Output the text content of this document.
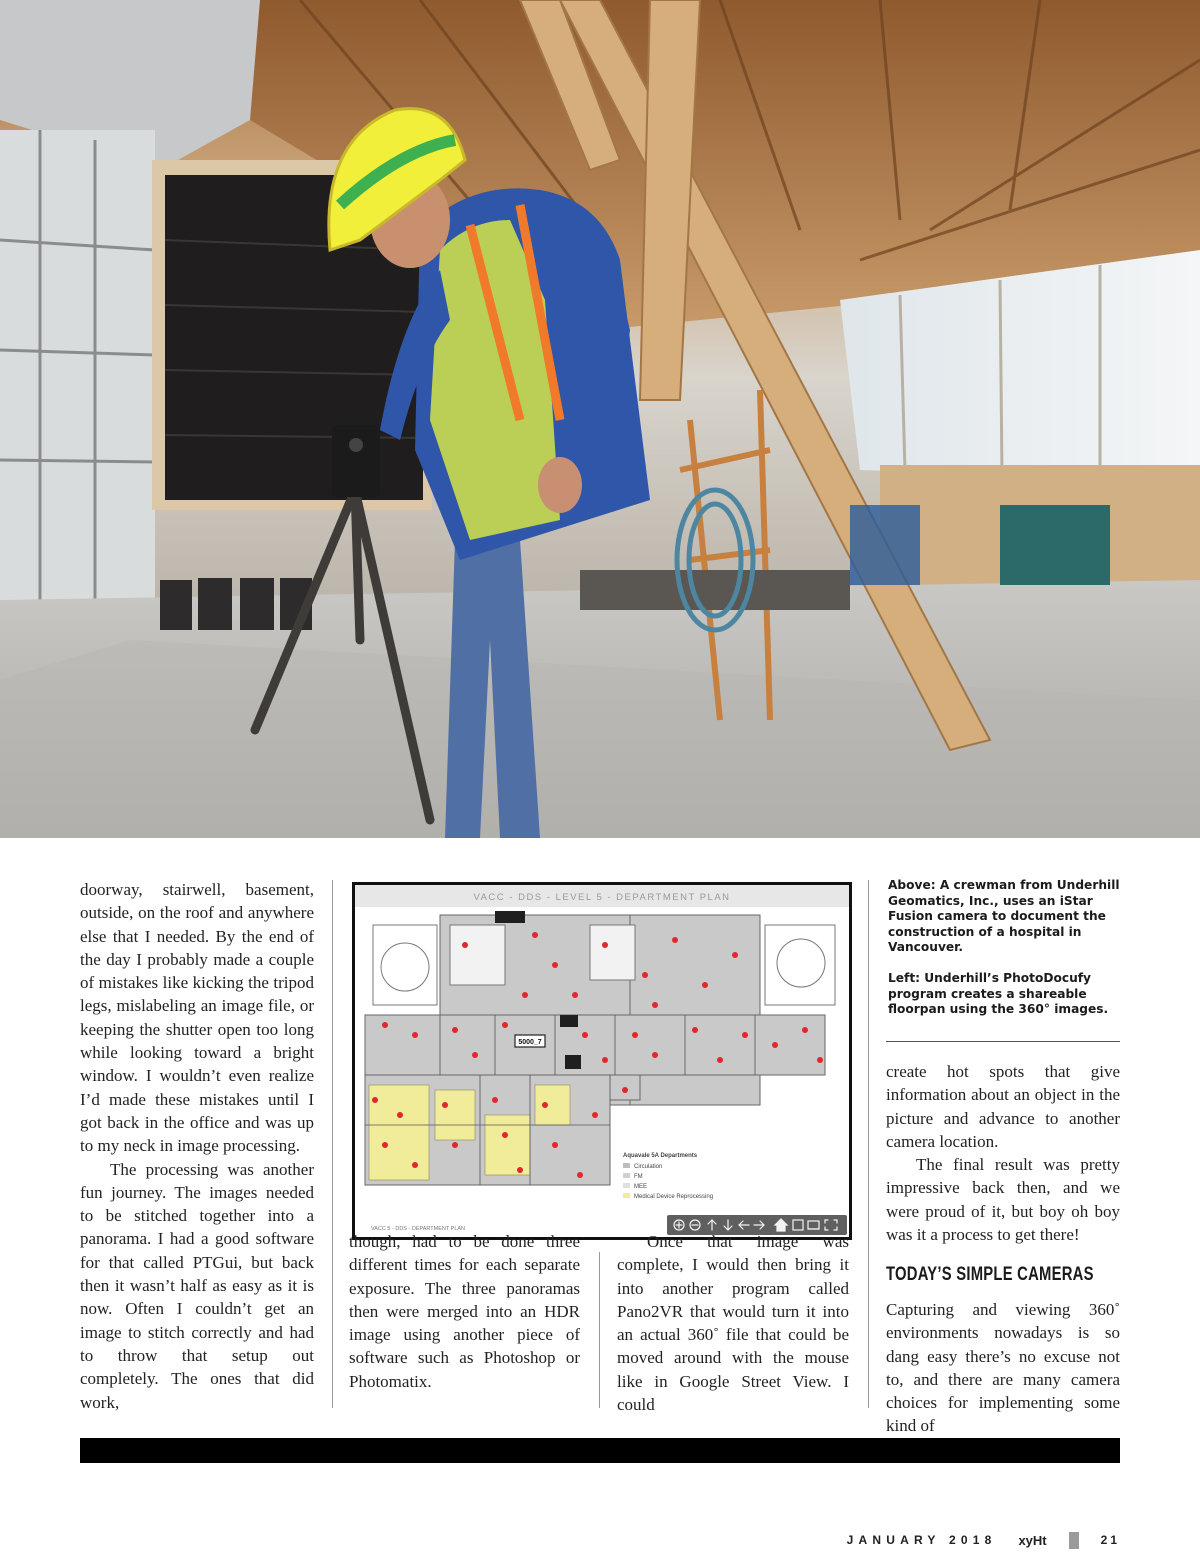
doorway, stairwell, basement, outside, on the roof and anywhere else that I needed. By the end of the day I probably made a couple of mistakes like kicking the tripod legs, mislabeling an image file, or keeping the shutter open too long while looking toward a bright window. I wouldn’t even realize I’d made these mistakes until I got back in the office and was up to my neck in image processing.

The processing was another fun journey. The images needed to be stitched together into a panorama. I had a good software for that called PTGui, but back then it wasn’t half as easy as it is now. Often I couldn’t get an image to stitch correctly and had to throw that setup out completely. The ones that did work,

VACC - DDS - LEVEL 5 - DEPARTMENT PLAN
5000_7
Aquavale 5A Departments
Circulation
FM
MEE
Medical Device Reprocessing
VACC 5 - DDS - DEPARTMENT PLAN

though, had to be done three different times for each separate exposure. The three panoramas then were merged into an HDR image using another piece of software such as Photoshop or Photomatix.

Once that image was complete, I would then bring it into another program called Pano2VR that would turn it into an actual 360˚ file that could be moved around with the mouse like in Google Street View. I could

Above: A crewman from Underhill Geomatics, Inc., uses an iStar Fusion camera to document the construction of a hospital in Vancouver.

Left: Underhill’s PhotoDocufy program creates a shareable floorpan using the 360° images.

create hot spots that give information about an object in the picture and advance to another camera location.

The final result was pretty impressive back then, and we were proud of it, but boy oh boy was it a process to get there!

TODAY’S SIMPLE CAMERAS

Capturing and viewing 360˚ environments nowadays is so dang easy there’s no excuse not to, and there are many camera choices for implementing some kind of

JANUARY 2018 xyHt	21
